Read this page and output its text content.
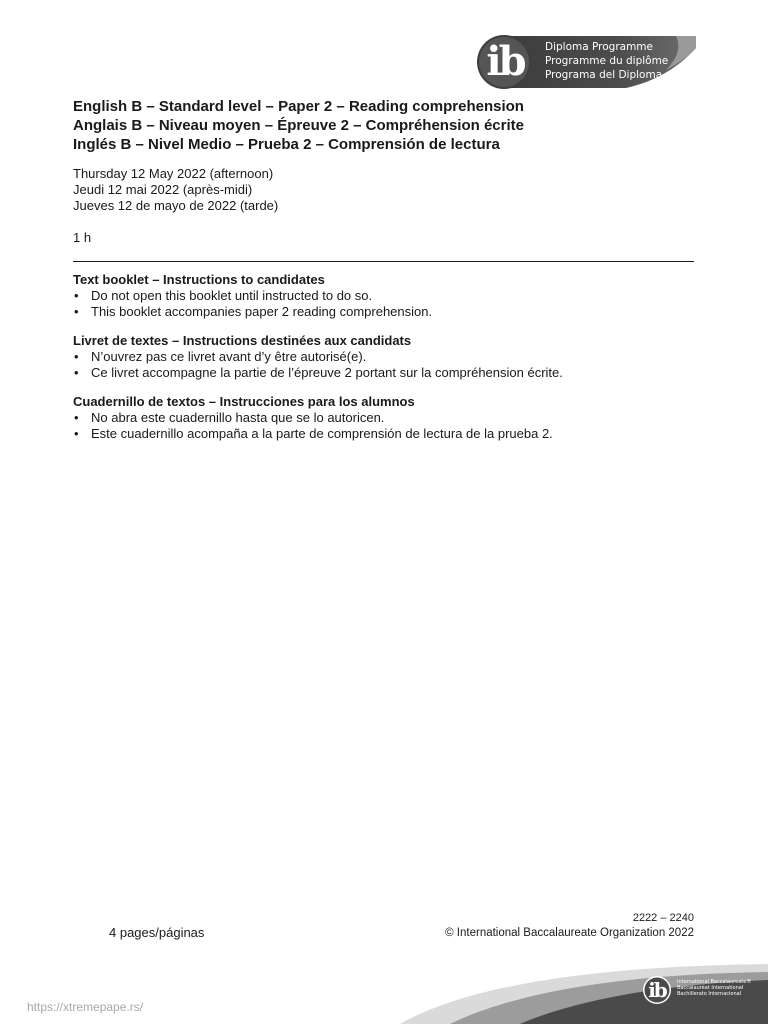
ib Diploma Programme
Programme du diplôme
Programa del Diploma
English B – Standard level – Paper 2 – Reading comprehension
Anglais B – Niveau moyen – Épreuve 2 – Compréhension écrite
Inglés B – Nivel Medio – Prueba 2 – Comprensión de lectura
Thursday 12 May 2022 (afternoon)
Jeudi 12 mai 2022 (après-midi)
Jueves 12 de mayo de 2022 (tarde)
1 h
Text booklet – Instructions to candidates
• Do not open this booklet until instructed to do so.
• This booklet accompanies paper 2 reading comprehension.
Livret de textes – Instructions destinées aux candidats
• N’ouvrez pas ce livret avant d’y être autorisé(e).
• Ce livret accompagne la partie de l’épreuve 2 portant sur la compréhension écrite.
Cuadernillo de textos – Instrucciones para los alumnos
• No abra este cuadernillo hasta que se lo autoricen.
• Este cuadernillo acompaña a la parte de comprensión de lectura de la prueba 2.
4 pages/páginas
2222 – 2240
© International Baccalaureate Organization 2022
ib	International Baccalaureate®
Baccalauréat International
Bachillerato Internacional
https://xtremepape.rs/
